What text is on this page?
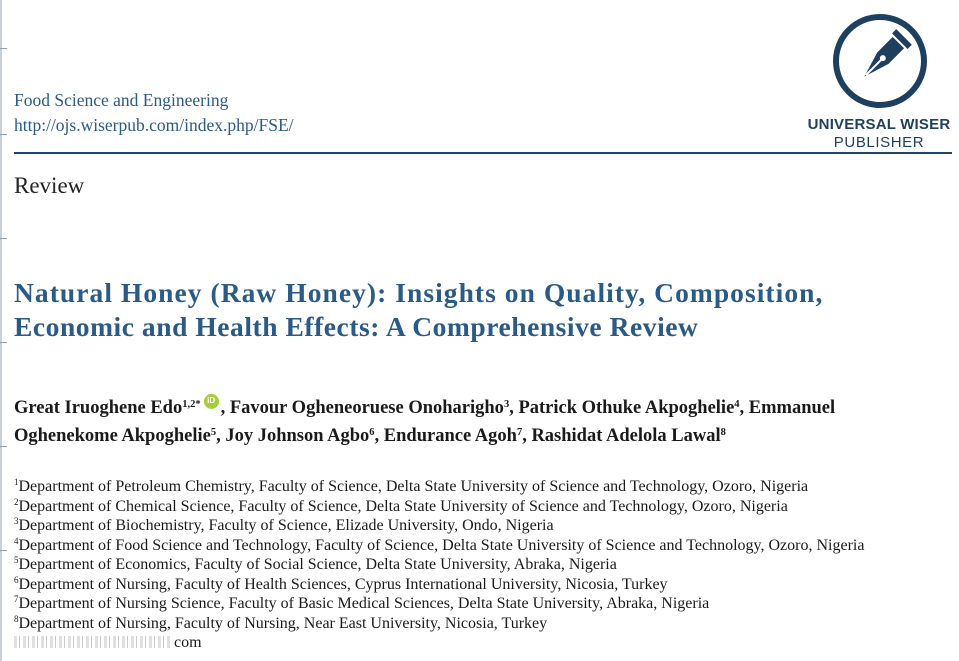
Food Science and Engineering
http://ojs.wiserpub.com/index.php/FSE/	UNIVERSAL WISER
PUBLISHER
Review
Natural Honey (Raw Honey): Insights on Quality, Composition,
Economic and Health Effects: A Comprehensive Review
Great Iruoghene Edo$^{1,2*}$ iD , Favour Ogheneoruese Onoharigho$^3$, Patrick Othuke Akpoghelie$^4$, Emmanuel
Oghenekome Akpoghelie$^5$, Joy Johnson Agbo$^6$, Endurance Agoh$^7$, Rashidat Adelola Lawal$^8$
$^1$Department of Petroleum Chemistry, Faculty of Science, Delta State University of Science and Technology, Ozoro, Nigeria
$^2$Department of Chemical Science, Faculty of Science, Delta State University of Science and Technology, Ozoro, Nigeria
$^3$Department of Biochemistry, Faculty of Science, Elizade University, Ondo, Nigeria
$^4$Department of Food Science and Technology, Faculty of Science, Delta State University of Science and Technology, Ozoro, Nigeria
$^5$Department of Economics, Faculty of Social Science, Delta State University, Abraka, Nigeria
$^6$Department of Nursing, Faculty of Health Sciences, Cyprus International University, Nicosia, Turkey
$^7$Department of Nursing Science, Faculty of Basic Medical Sciences, Delta State University, Abraka, Nigeria
$^8$Department of Nursing, Faculty of Nursing, Near East University, Nicosia, Turkey
com
